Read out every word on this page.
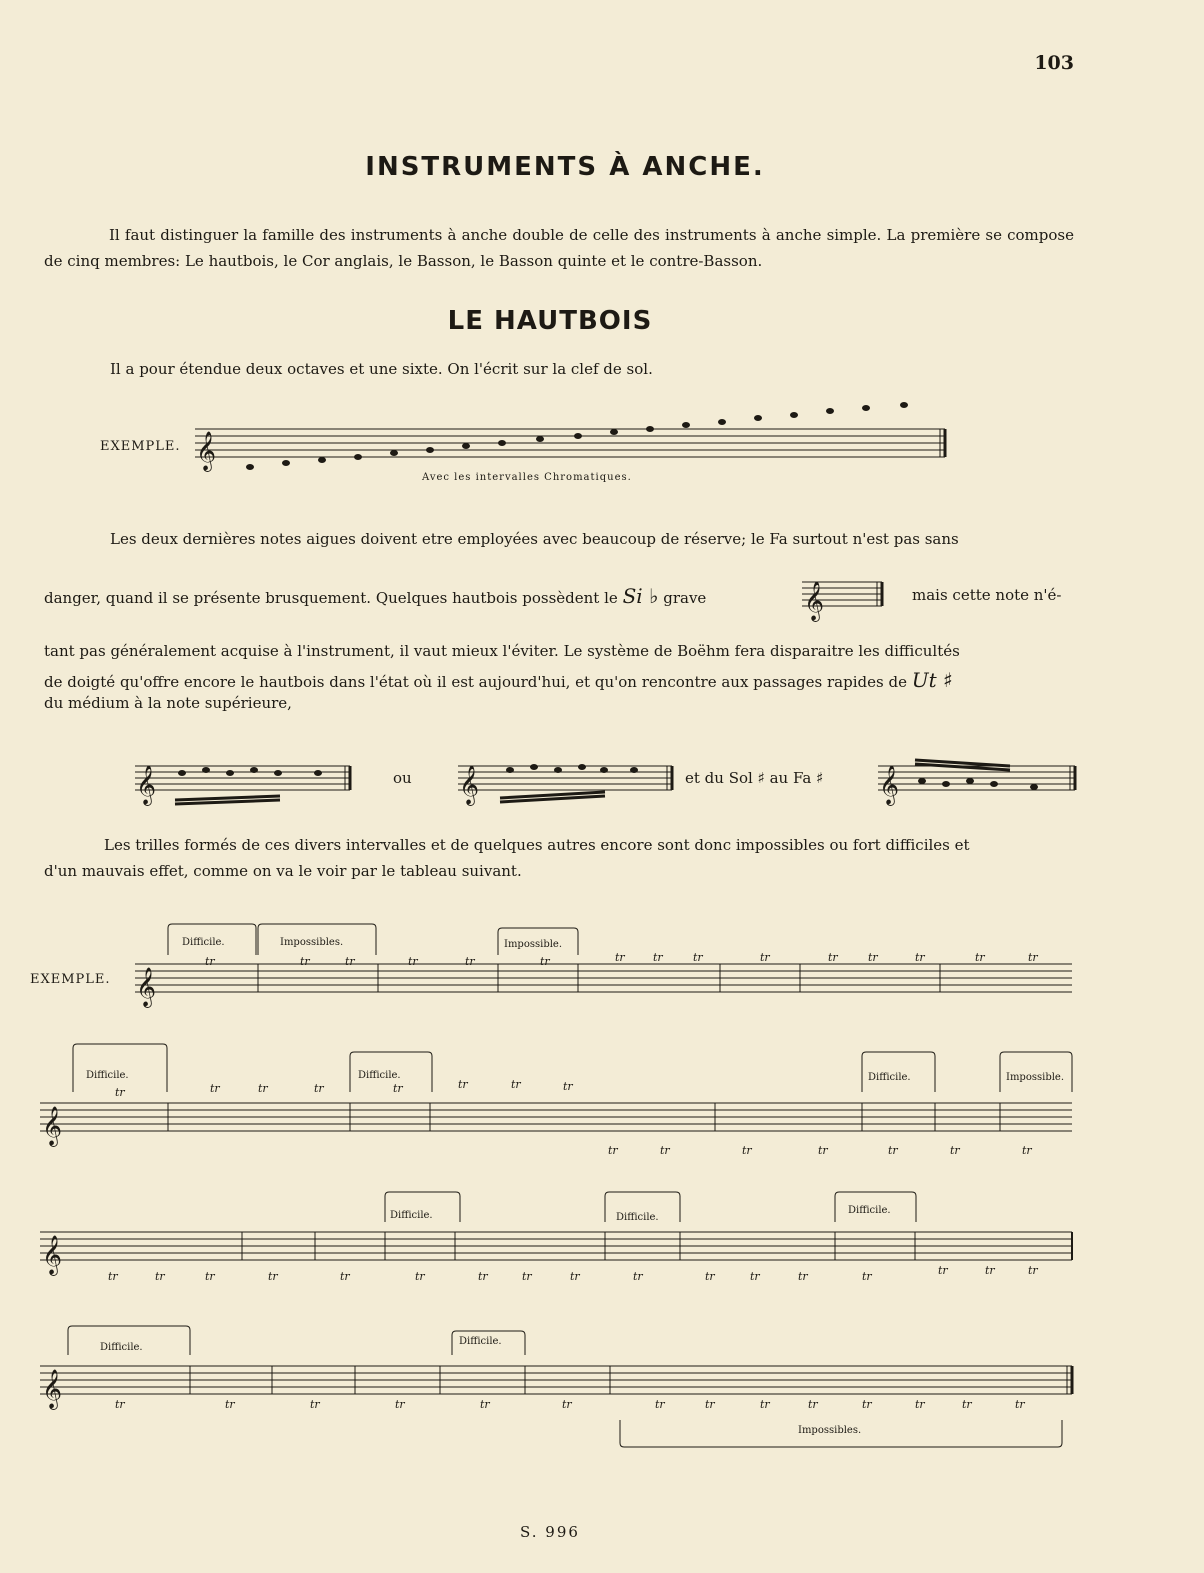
103
INSTRUMENTS À ANCHE.
Il faut distinguer la famille des instruments à anche double de celle des instruments à anche simple. La première se compose de cinq membres: Le hautbois, le Cor anglais, le Basson, le Basson quinte et le contre-Basson.
LE HAUTBOIS
Il a pour étendue deux octaves et une sixte. On l'écrit sur la clef de sol.
𝄞
𝄞
𝄞	𝄞	𝄞
𝄞
𝄞
𝄞
𝄞
EXEMPLE.
Avec les intervalles Chromatiques.
Les deux dernières notes aigues doivent etre employées avec beaucoup de réserve; le Fa surtout n'est pas sans
danger, quand il se présente brusquement. Quelques hautbois possèdent le Si ♭ grave	mais cette note n'é-
tant pas généralement acquise à l'instrument, il vaut mieux l'éviter. Le système de Boëhm fera disparaitre les difficultés
de doigté qu'offre encore le hautbois dans l'état où il est aujourd'hui, et qu'on rencontre aux passages rapides de Ut ♯
du médium à la note supérieure,
ou	et du Sol ♯ au Fa ♯
Les trilles formés de ces divers intervalles et de quelques autres encore sont donc impossibles ou fort difficiles et
d'un mauvais effet, comme on va le voir par le tableau suivant.
EXEMPLE.
Difficile.	Impossibles.	Impossible.
Difficile.	Difficile.	Difficile.	Impossible.
Difficile.	Difficile.
Difficile.
Difficile.
Difficile.
Impossibles.
tr	tr	tr	tr	tr	tr	tr	tr	tr	tr	tr	tr	tr	tr	tr
tr	tr	tr	tr	tr	tr	tr	tr
tr	tr	tr	tr	tr	tr	tr
tr	tr	tr	tr	tr	tr	tr	tr	tr	tr	tr	tr	tr	tr	tr	tr	tr
tr	tr	tr	tr	tr	tr	tr	tr	tr	tr	tr	tr	tr	tr
S. 996
